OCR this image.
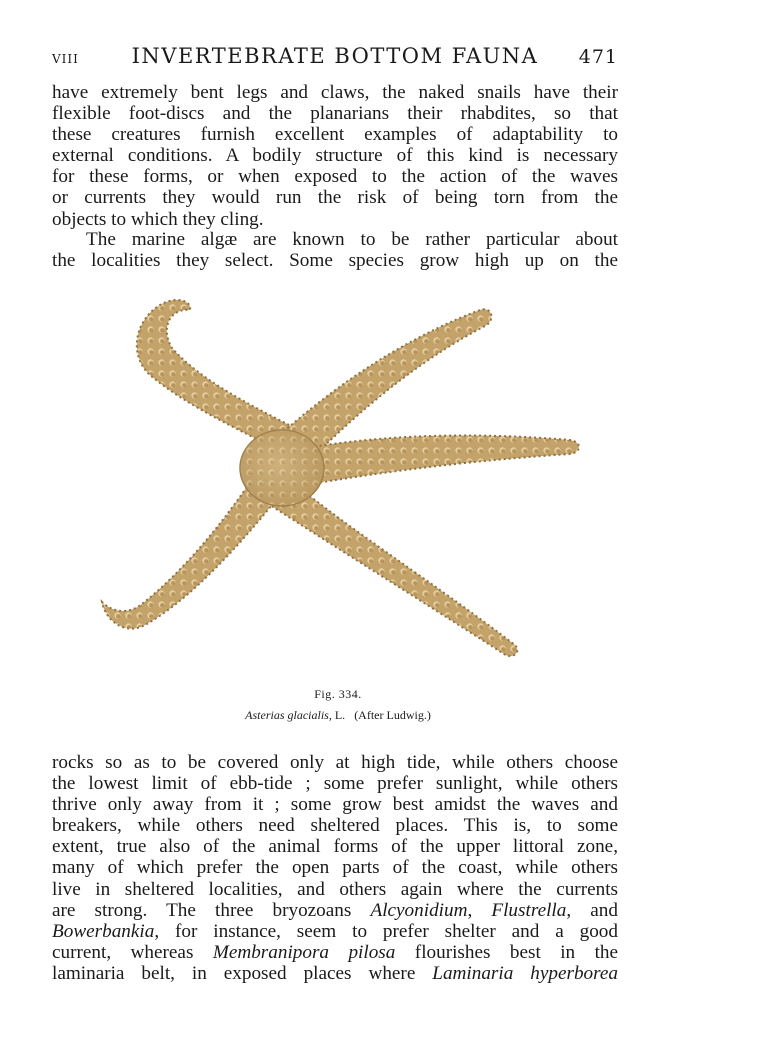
VIII	INVERTEBRATE BOTTOM FAUNA	471
have extremely bent legs and claws, the naked snails have their
flexible foot-discs and the planarians their rhabdites, so that
these creatures furnish excellent examples of adaptability to
external conditions. A bodily structure of this kind is necessary
for these forms, or when exposed to the action of the waves
or currents they would run the risk of being torn from the
objects to which they cling.
The marine algæ are known to be rather particular about
the localities they select. Some species grow high up on the
Fig. 334.
Asterias glacialis, L. (After Ludwig.)
rocks so as to be covered only at high tide, while others choose
the lowest limit of ebb-tide ; some prefer sunlight, while others
thrive only away from it ; some grow best amidst the waves and
breakers, while others need sheltered places. This is, to some
extent, true also of the animal forms of the upper littoral zone,
many of which prefer the open parts of the coast, while others
live in sheltered localities, and others again where the currents
are strong. The three bryozoans Alcyonidium, Flustrella, and
Bowerbankia, for instance, seem to prefer shelter and a good
current, whereas Membranipora pilosa flourishes best in the
laminaria belt, in exposed places where Laminaria hyperborea
